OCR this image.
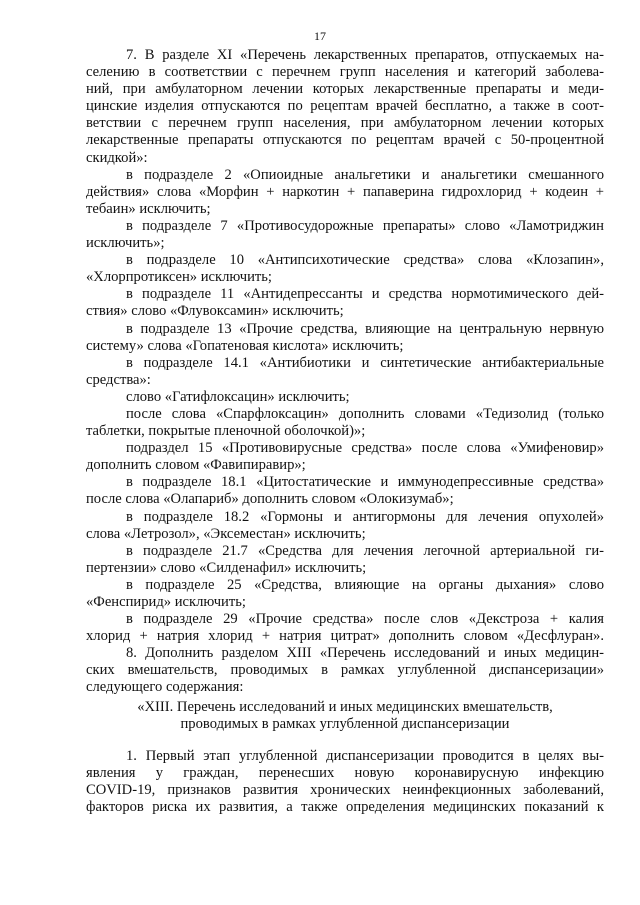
17

7. В разделе XI «Перечень лекарственных препаратов, отпускаемых на-

селению в соответствии с перечнем групп населения и категорий заболева-

ний, при амбулаторном лечении которых лекарственные препараты и меди-

цинские изделия отпускаются по рецептам врачей бесплатно, а также в соот-

ветствии с перечнем групп населения, при амбулаторном лечении которых

лекарственные препараты отпускаются по рецептам врачей с 50-процентной

скидкой»:

в подразделе 2 «Опиоидные анальгетики и анальгетики смешанного

действия» слова «Морфин + наркотин + папаверина гидрохлорид + кодеин +

тебаин» исключить;

в подразделе 7 «Противосудорожные препараты» слово «Ламотриджин

исключить»;

в подразделе 10 «Антипсихотические средства» слова «Клозапин»,

«Хлорпротиксен» исключить;

в подразделе 11 «Антидепрессанты и средства нормотимического дей-

ствия» слово «Флувоксамин» исключить;

в подразделе 13 «Прочие средства, влияющие на центральную нервную

систему» слова «Гопатеновая кислота» исключить;

в подразделе 14.1 «Антибиотики и синтетические антибактериальные

средства»:

слово «Гатифлоксацин» исключить;

после слова «Спарфлоксацин» дополнить словами «Тедизолид (только

таблетки, покрытые пленочной оболочкой)»;

подраздел 15 «Противовирусные средства» после слова «Умифеновир»

дополнить словом «Фавипиравир»;

в подразделе 18.1 «Цитостатические и иммунодепрессивные средства»

после слова «Олапариб» дополнить словом «Олокизумаб»;

в подразделе 18.2 «Гормоны и антигормоны для лечения опухолей»

слова «Летрозол», «Эксеместан» исключить;

в подразделе 21.7 «Средства для лечения легочной артериальной ги-

пертензии» слово «Силденафил» исключить;

в подразделе 25 «Средства, влияющие на органы дыхания» слово

«Фенспирид» исключить;

в подразделе 29 «Прочие средства» после слов «Декстроза + калия

хлорид + натрия хлорид + натрия цитрат» дополнить словом «Десфлуран».

8. Дополнить разделом XIII «Перечень исследований и иных медицин-

ских вмешательств, проводимых в рамках углубленной диспансеризации»

следующего содержания:

«XIII. Перечень исследований и иных медицинских вмешательств,

проводимых в рамках углубленной диспансеризации

1. Первый этап углубленной диспансеризации проводится в целях вы-

явления у граждан, перенесших новую коронавирусную инфекцию

COVID-19, признаков развития хронических неинфекционных заболеваний,

факторов риска их развития, а также определения медицинских показаний к
